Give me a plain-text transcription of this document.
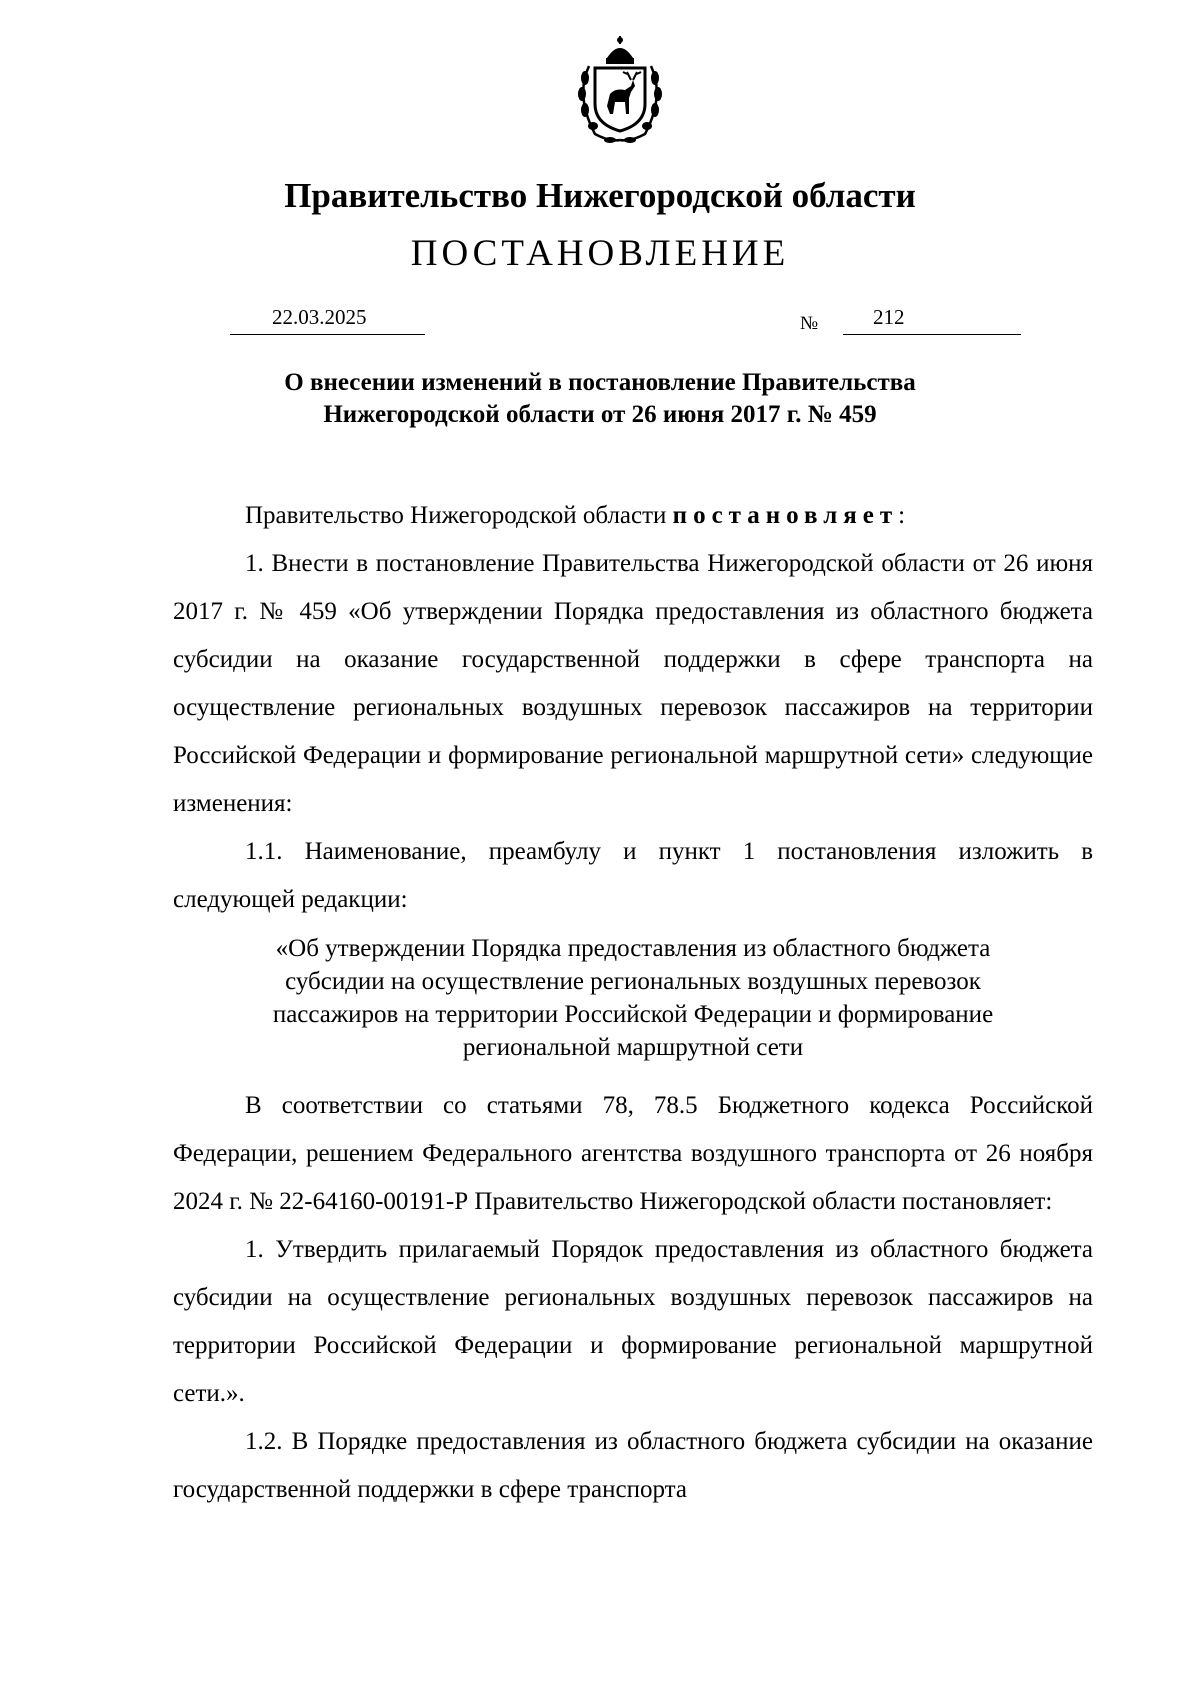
Правительство Нижегородской области
ПОСТАНОВЛЕНИЕ
22.03.2025	№	212
О внесении изменений в постановление Правительства
Нижегородской области от 26 июня 2017 г. № 459

Правительство Нижегородской области постановляет:

1. Внести в постановление Правительства Нижегородской области от 26 июня 2017 г. № 459 «Об утверждении Порядка предоставления из областного бюджета субсидии на оказание государственной поддержки в сфере транспорта на осуществление региональных воздушных перевозок пассажиров на территории Российской Федерации и формирование региональной маршрутной сети» следующие изменения:

1.1. Наименование, преамбулу и пункт 1 постановления изложить в следующей редакции:

«Об утверждении Порядка предоставления из областного бюджета
субсидии на осуществление региональных воздушных перевозок
пассажиров на территории Российской Федерации и формирование
региональной маршрутной сети

В соответствии со статьями 78, 78.5 Бюджетного кодекса Российской Федерации, решением Федерального агентства воздушного транспорта от 26 ноября 2024 г. № 22-64160-00191-Р Правительство Нижегородской области постановляет:

1. Утвердить прилагаемый Порядок предоставления из областного бюджета субсидии на осуществление региональных воздушных перевозок пассажиров на территории Российской Федерации и формирование региональной маршрутной сети.».

1.2. В Порядке предоставления из областного бюджета субсидии на оказание государственной поддержки в сфере транспорта
